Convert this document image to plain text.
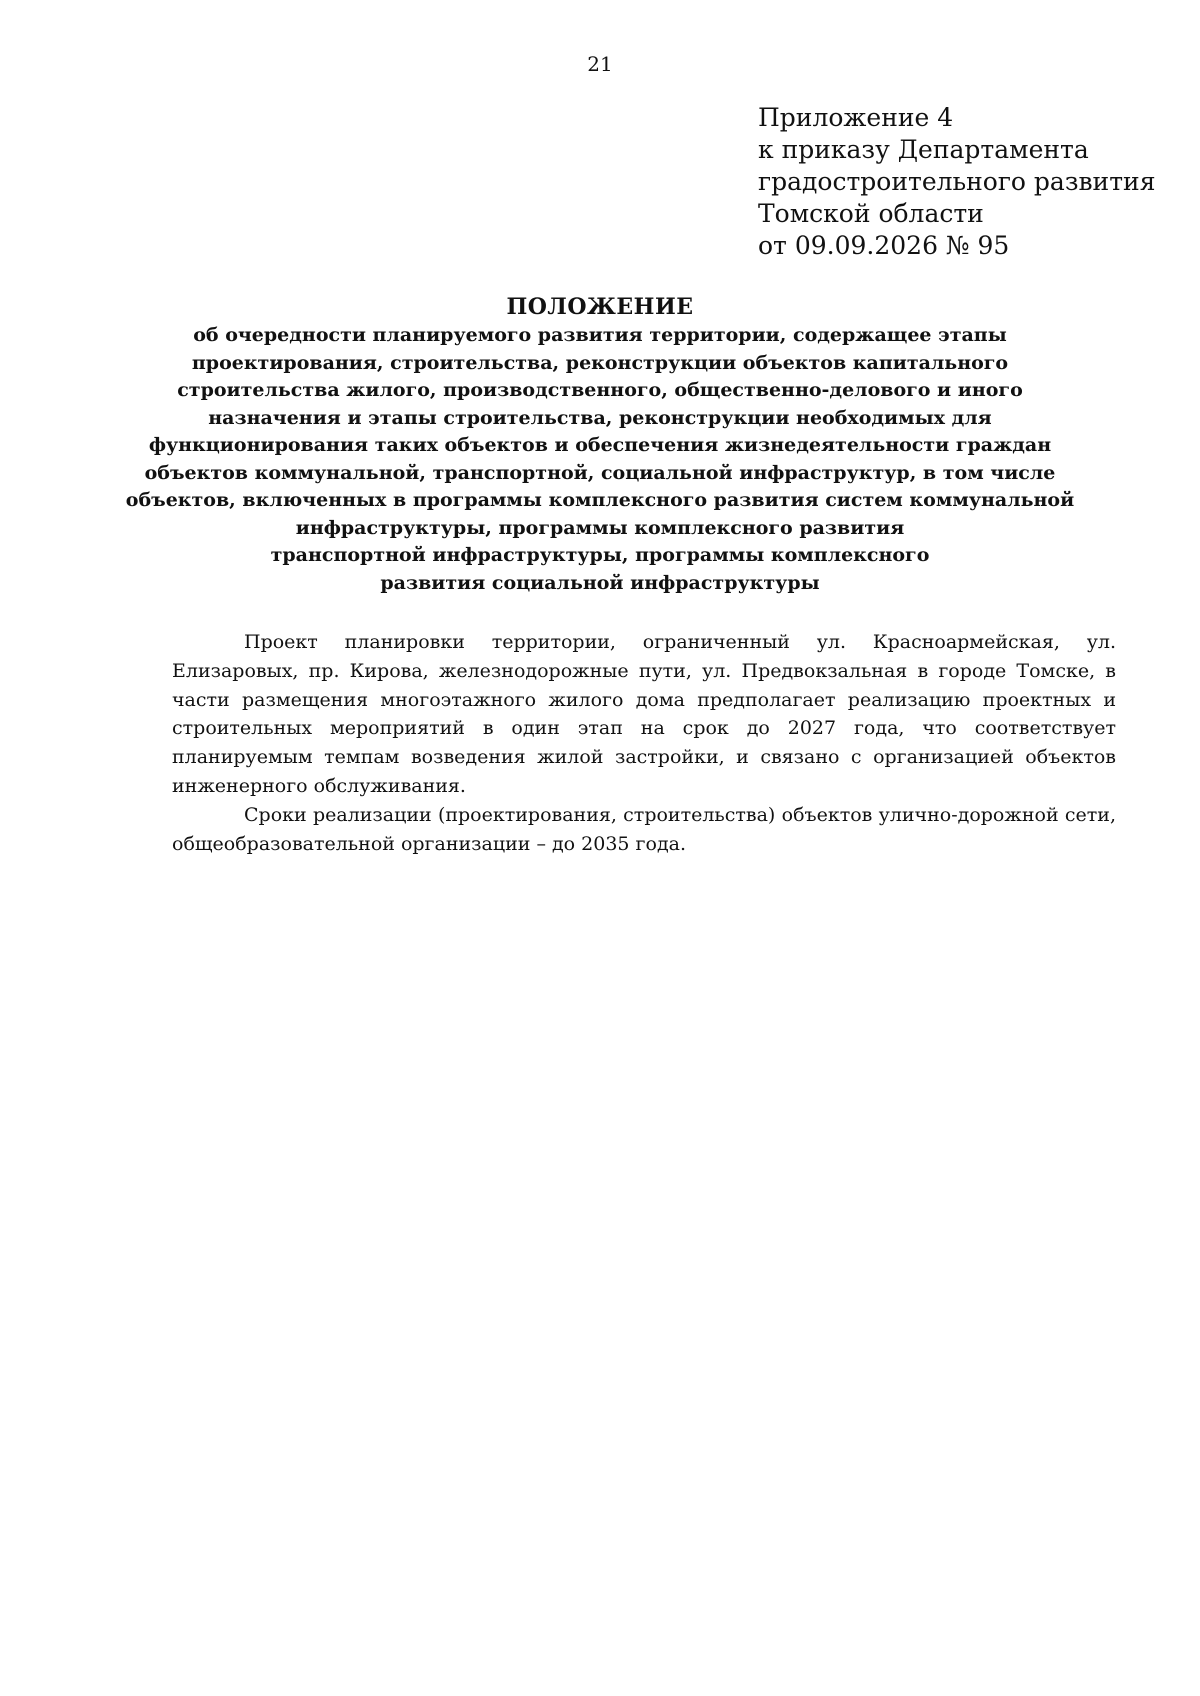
21
Приложение 4
к приказу Департамента
градостроительного развития
Томской области
от 09.09.2026 № 95
ПОЛОЖЕНИЕ
об очередности планируемого развития территории, содержащее этапы
проектирования, строительства, реконструкции объектов капитального
строительства жилого, производственного, общественно-делового и иного
назначения и этапы строительства, реконструкции необходимых для
функционирования таких объектов и обеспечения жизнедеятельности граждан
объектов коммунальной, транспортной, социальной инфраструктур, в том числе
объектов, включенных в программы комплексного развития систем коммунальной
инфраструктуры, программы комплексного развития
транспортной инфраструктуры, программы комплексного
развития социальной инфраструктуры

Проект планировки территории, ограниченный ул. Красноармейская, ул. Елизаровых, пр. Кирова, железнодорожные пути, ул. Предвокзальная в городе Томске, в части размещения многоэтажного жилого дома предполагает реализацию проектных и строительных мероприятий в один этап на срок до 2027 года, что соответствует планируемым темпам возведения жилой застройки, и связано с организацией объектов инженерного обслуживания.

Сроки реализации (проектирования, строительства) объектов улично-дорожной сети, общеобразовательной организации – до 2035 года.
